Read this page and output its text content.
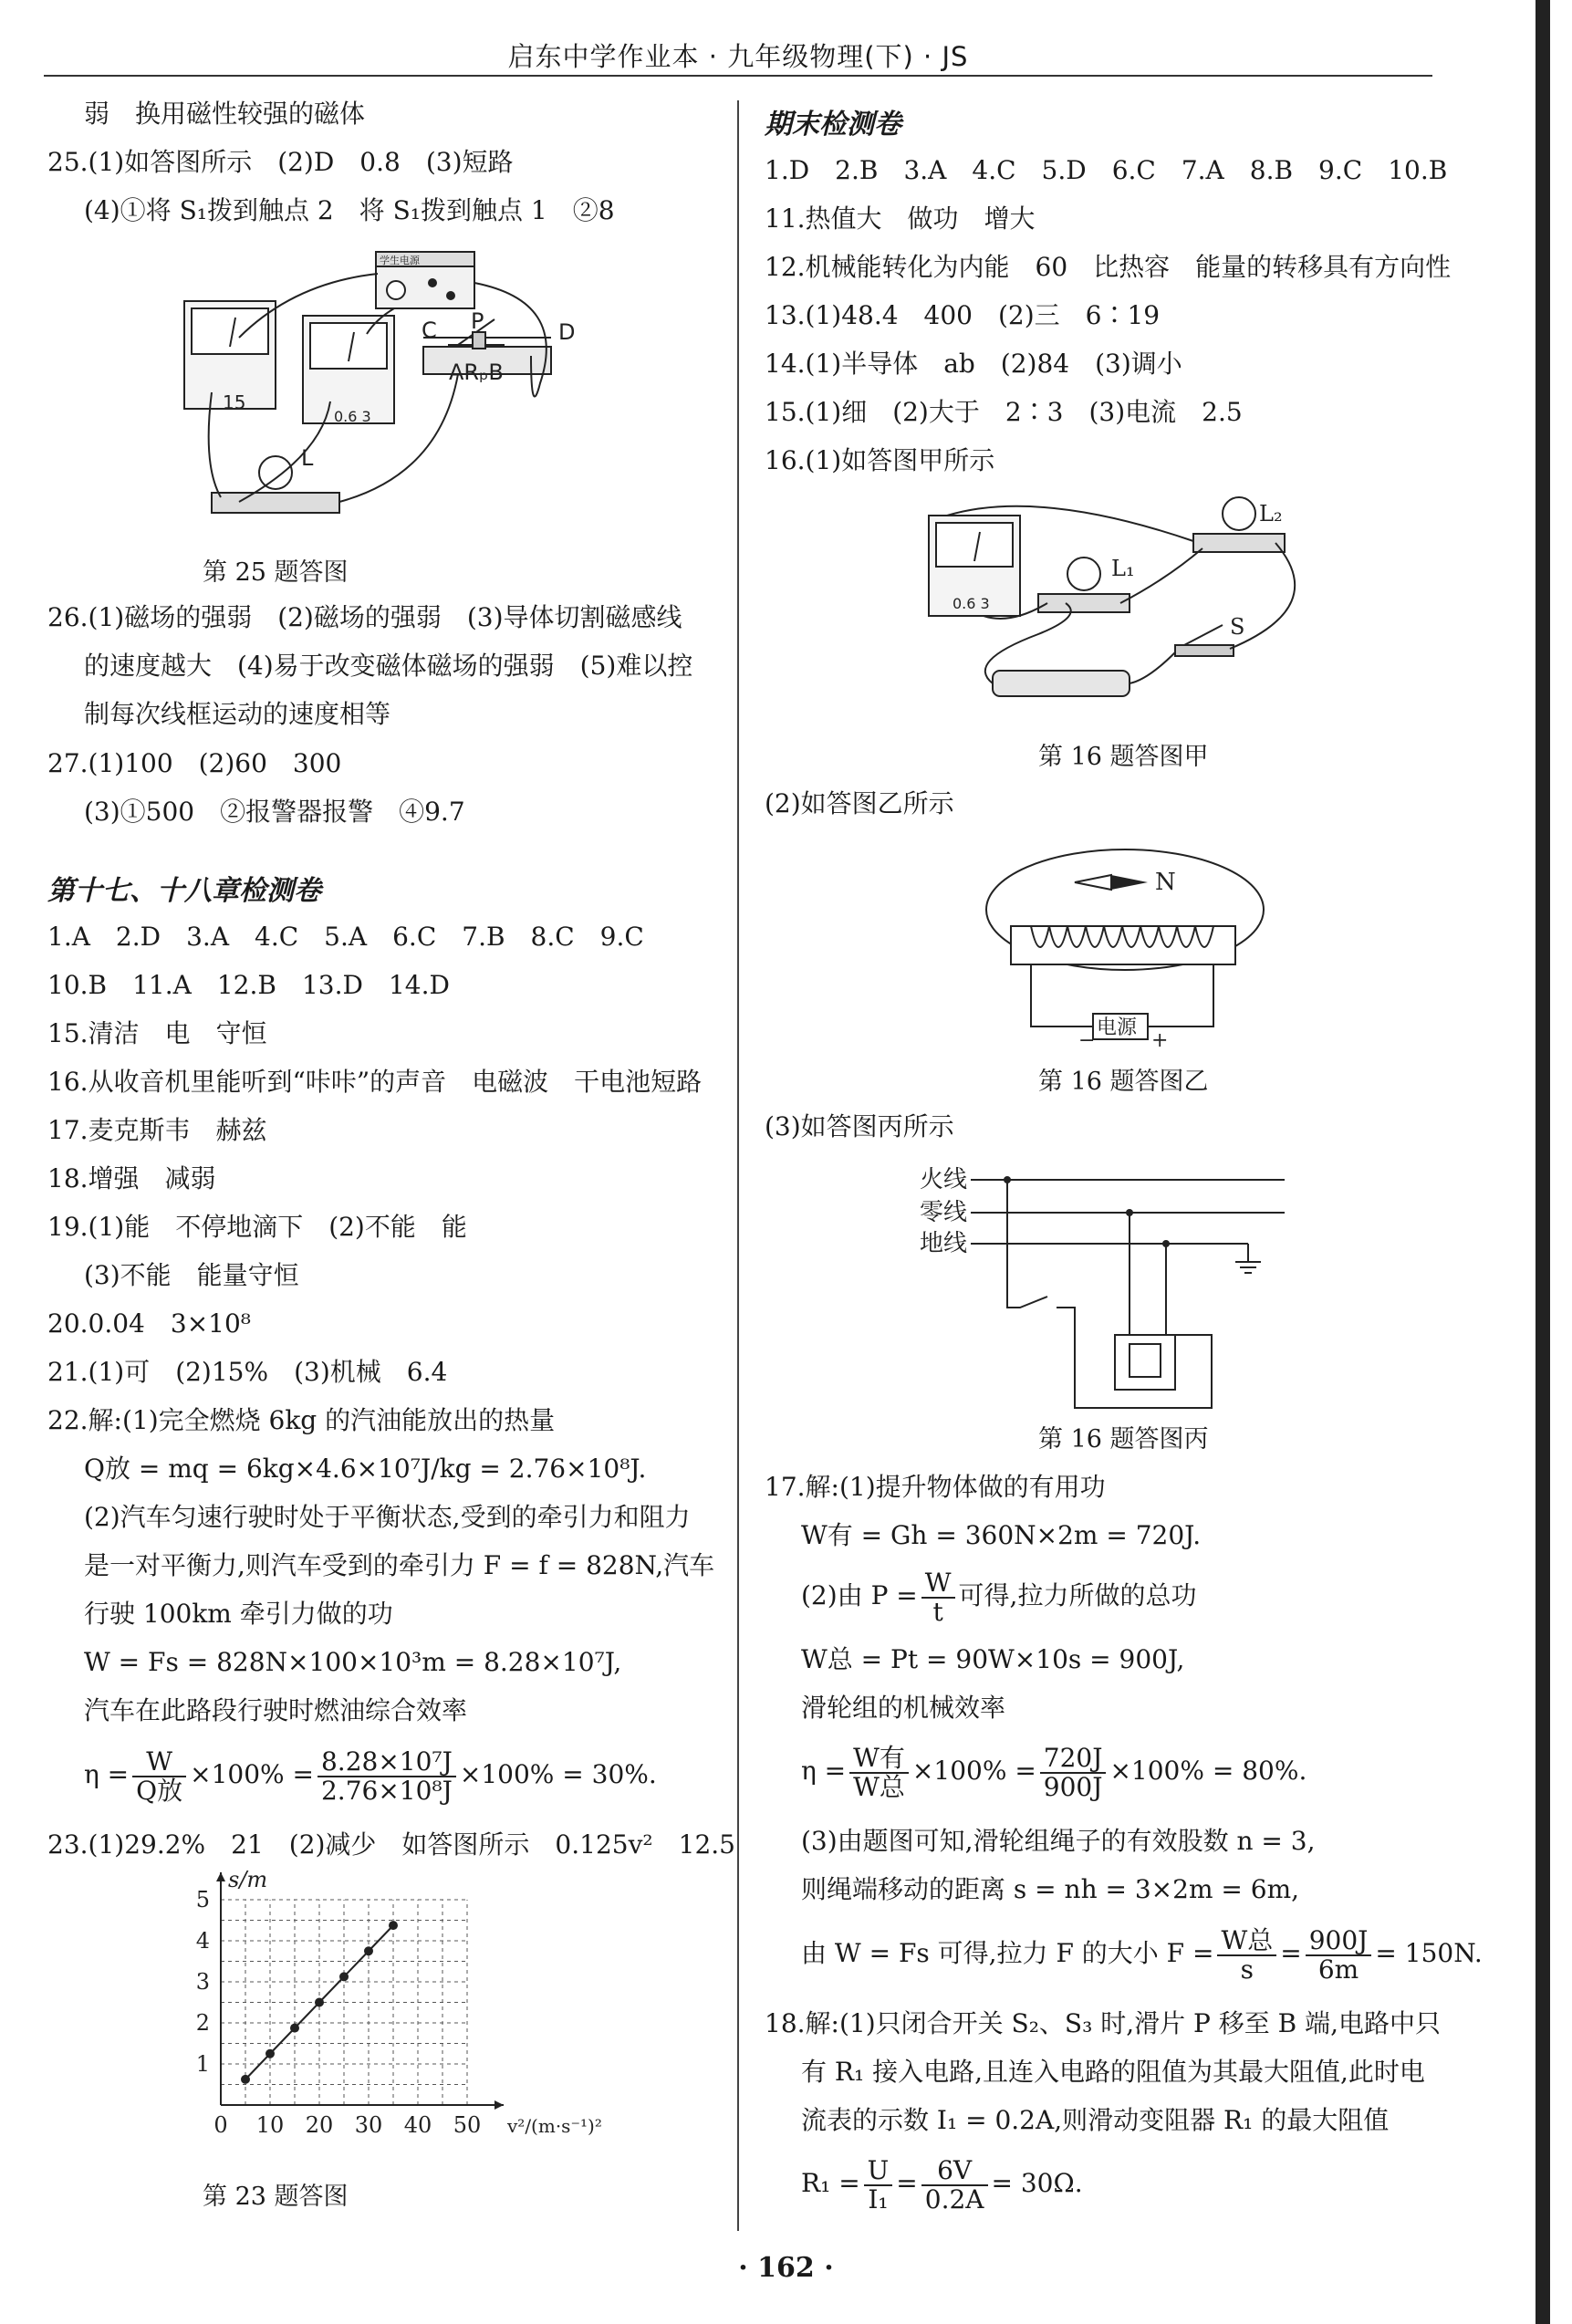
启东中学作业本 · 九年级物理(下) · JS
弱　换用磁性较强的磁体
25.(1)如答图所示　(2)D　0.8　(3)短路
(4)①将 S₁拨到触点 2　将 S₁拨到触点 1　②8
学生电源
15
0.6 3
C P	D
ARₚB
L
第 25 题答图
26.(1)磁场的强弱　(2)磁场的强弱　(3)导体切割磁感线
的速度越大　(4)易于改变磁体磁场的强弱　(5)难以控
制每次线框运动的速度相等
27.(1)100　(2)60　300
(3)①500　②报警器报警　④9.7
第十七、十八章检测卷
1.A　2.D　3.A　4.C　5.A　6.C　7.B　8.C　9.C
10.B　11.A　12.B　13.D　14.D
15.清洁　电　守恒
16.从收音机里能听到“咔咔”的声音　电磁波　干电池短路
17.麦克斯韦　赫兹
18.增强　减弱
19.(1)能　不停地滴下　(2)不能　能
(3)不能　能量守恒
20.0.04　3×10⁸
21.(1)可　(2)15%　(3)机械　6.4
22.解:(1)完全燃烧 6kg 的汽油能放出的热量
Q放 = mq = 6kg×4.6×10⁷J/kg = 2.76×10⁸J.
(2)汽车匀速行驶时处于平衡状态,受到的牵引力和阻力
是一对平衡力,则汽车受到的牵引力 F = f = 828N,汽车
行驶 100km 牵引力做的功
W = Fs = 828N×100×10³m = 8.28×10⁷J,
汽车在此路段行驶时燃油综合效率
$\eta = \frac{W}{\text{Q放}} \times 100\% = \frac{\text{8.28×10⁷J}}{\text{2.76×10⁸J}} \times 100\% = 30\%$.
23.(1)29.2%　21　(2)减少　如答图所示　0.125v²　12.5
0 10 20 30 40 50
1
2
3
4
5
s/m
v²/(m·s⁻¹)²
第 23 题答图
期末检测卷
1.D　2.B　3.A　4.C　5.D　6.C　7.A　8.B　9.C　10.B
11.热值大　做功　增大
12.机械能转化为内能　60　比热容　能量的转移具有方向性
13.(1)48.4　400　(2)三　6∶19
14.(1)半导体　ab　(2)84　(3)调小
15.(1)细　(2)大于　2∶3　(3)电流　2.5
16.(1)如答图甲所示
L₁
L₂
S
0.6 3
第 16 题答图甲
(2)如答图乙所示
N
电源
−	+
第 16 题答图乙
(3)如答图丙所示
火线
零线
地线
第 16 题答图丙
17.解:(1)提升物体做的有用功
W有 = Gh = 360N×2m = 720J.
(2)由 $P = \frac{W}{t}$ 可得,拉力所做的总功
W总 = Pt = 90W×10s = 900J,
滑轮组的机械效率
$\eta = \frac{\text{W有}}{\text{W总}} \times 100\% = \frac{720J}{900J} \times 100\% = 80\%$.
(3)由题图可知,滑轮组绳子的有效股数 n = 3,
则绳端移动的距离 s = nh = 3×2m = 6m,
由 W = Fs 可得,拉力 F 的大小 $F = \frac{\text{W总}}{s} = \frac{900J}{6m} = 150N$.
18.解:(1)只闭合开关 S₂、S₃ 时,滑片 P 移至 B 端,电路中只
有 R₁ 接入电路,且连入电路的阻值为其最大阻值,此时电
流表的示数 I₁ = 0.2A,则滑动变阻器 R₁ 的最大阻值
$R_1 = \frac{U}{\text{I₁}} = \frac{6V}{0.2A} = 30\Omega$.
· 162 ·
